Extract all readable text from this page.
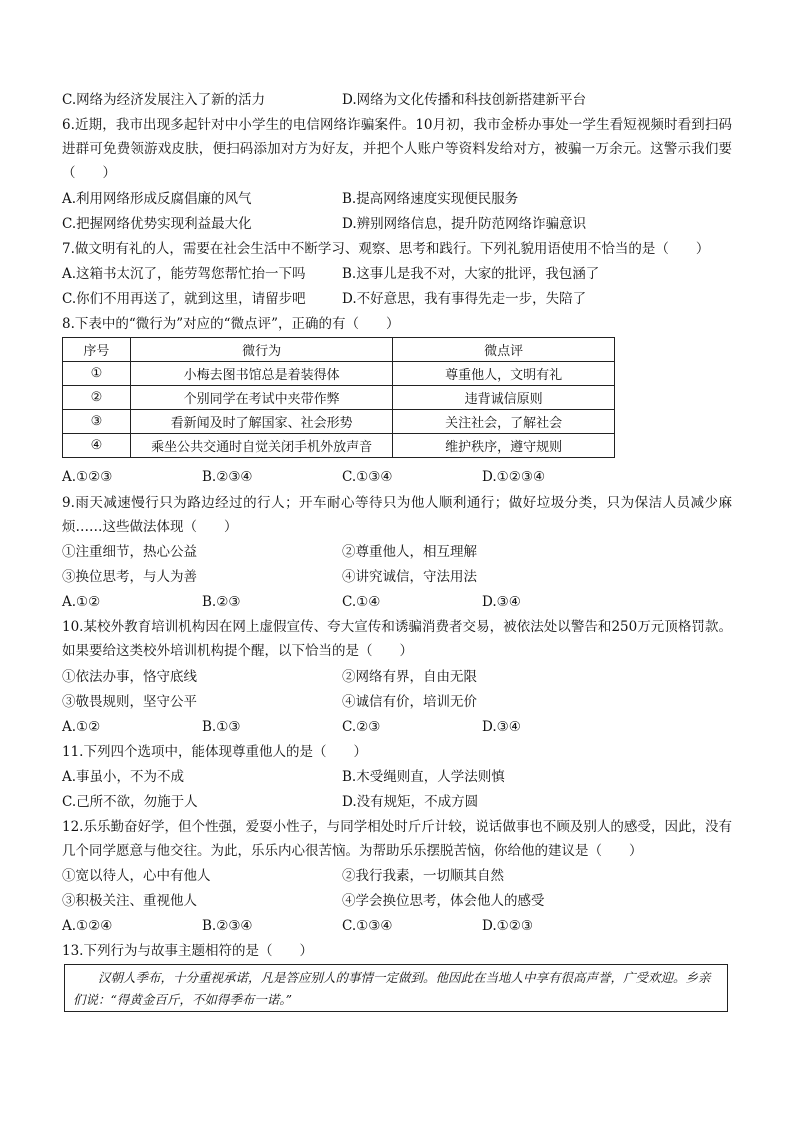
C.网络为经济发展注入了新的活力	D.网络为文化传播和科技创新搭建新平台
6.近期，我市出现多起针对中小学生的电信网络诈骗案件。10月初，我市金桥办事处一学生看短视频时看到扫码进群可免费领游戏皮肤，便扫码添加对方为好友，并把个人账户等资料发给对方，被骗一万余元。这警示我们要（　　）
A.利用网络形成反腐倡廉的风气	B.提高网络速度实现便民服务
C.把握网络优势实现利益最大化	D.辨别网络信息，提升防范网络诈骗意识
7.做文明有礼的人，需要在社会生活中不断学习、观察、思考和践行。下列礼貌用语使用不恰当的是（　　）
A.这箱书太沉了，能劳驾您帮忙抬一下吗	B.这事儿是我不对，大家的批评，我包涵了
C.你们不用再送了，就到这里，请留步吧	D.不好意思，我有事得先走一步，失陪了
8.下表中的“微行为”对应的“微点评”，正确的有（　　）
序号	微行为	微点评
①	小梅去图书馆总是着装得体	尊重他人，文明有礼
②	个别同学在考试中夹带作弊	违背诚信原则
③	看新闻及时了解国家、社会形势	关注社会，了解社会
④	乘坐公共交通时自觉关闭手机外放声音	维护秩序，遵守规则
A.①②③	B.②③④	C.①③④	D.①②③④
9.雨天减速慢行只为路边经过的行人；开车耐心等待只为他人顺利通行；做好垃圾分类，只为保洁人员减少麻烦……这些做法体现（　　）
①注重细节，热心公益	②尊重他人，相互理解
③换位思考，与人为善	④讲究诚信，守法用法
A.①②	B.②③	C.①④	D.③④
10.某校外教育培训机构因在网上虚假宣传、夸大宣传和诱骗消费者交易，被依法处以警告和250万元顶格罚款。如果要给这类校外培训机构提个醒，以下恰当的是（　　）
①依法办事，恪守底线	②网络有界，自由无限
③敬畏规则，坚守公平	④诚信有价，培训无价
A.①②	B.①③	C.②③	D.③④
11.下列四个选项中，能体现尊重他人的是（　　）
A.事虽小，不为不成	B.木受绳则直，人学法则慎
C.己所不欲，勿施于人	D.没有规矩，不成方圆
12.乐乐勤奋好学，但个性强，爱耍小性子，与同学相处时斤斤计较，说话做事也不顾及别人的感受，因此，没有几个同学愿意与他交往。为此，乐乐内心很苦恼。为帮助乐乐摆脱苦恼，你给他的建议是（　　）
①宽以待人，心中有他人	②我行我素，一切顺其自然
③积极关注、重视他人	④学会换位思考，体会他人的感受
A.①②④	B.②③④	C.①③④	D.①②③
13.下列行为与故事主题相符的是（　　）

汉朝人季布，十分重视承诺，凡是答应别人的事情一定做到。他因此在当地人中享有很高声誉，广受欢迎。乡亲们说：“得黄金百斤，不如得季布一诺。”
